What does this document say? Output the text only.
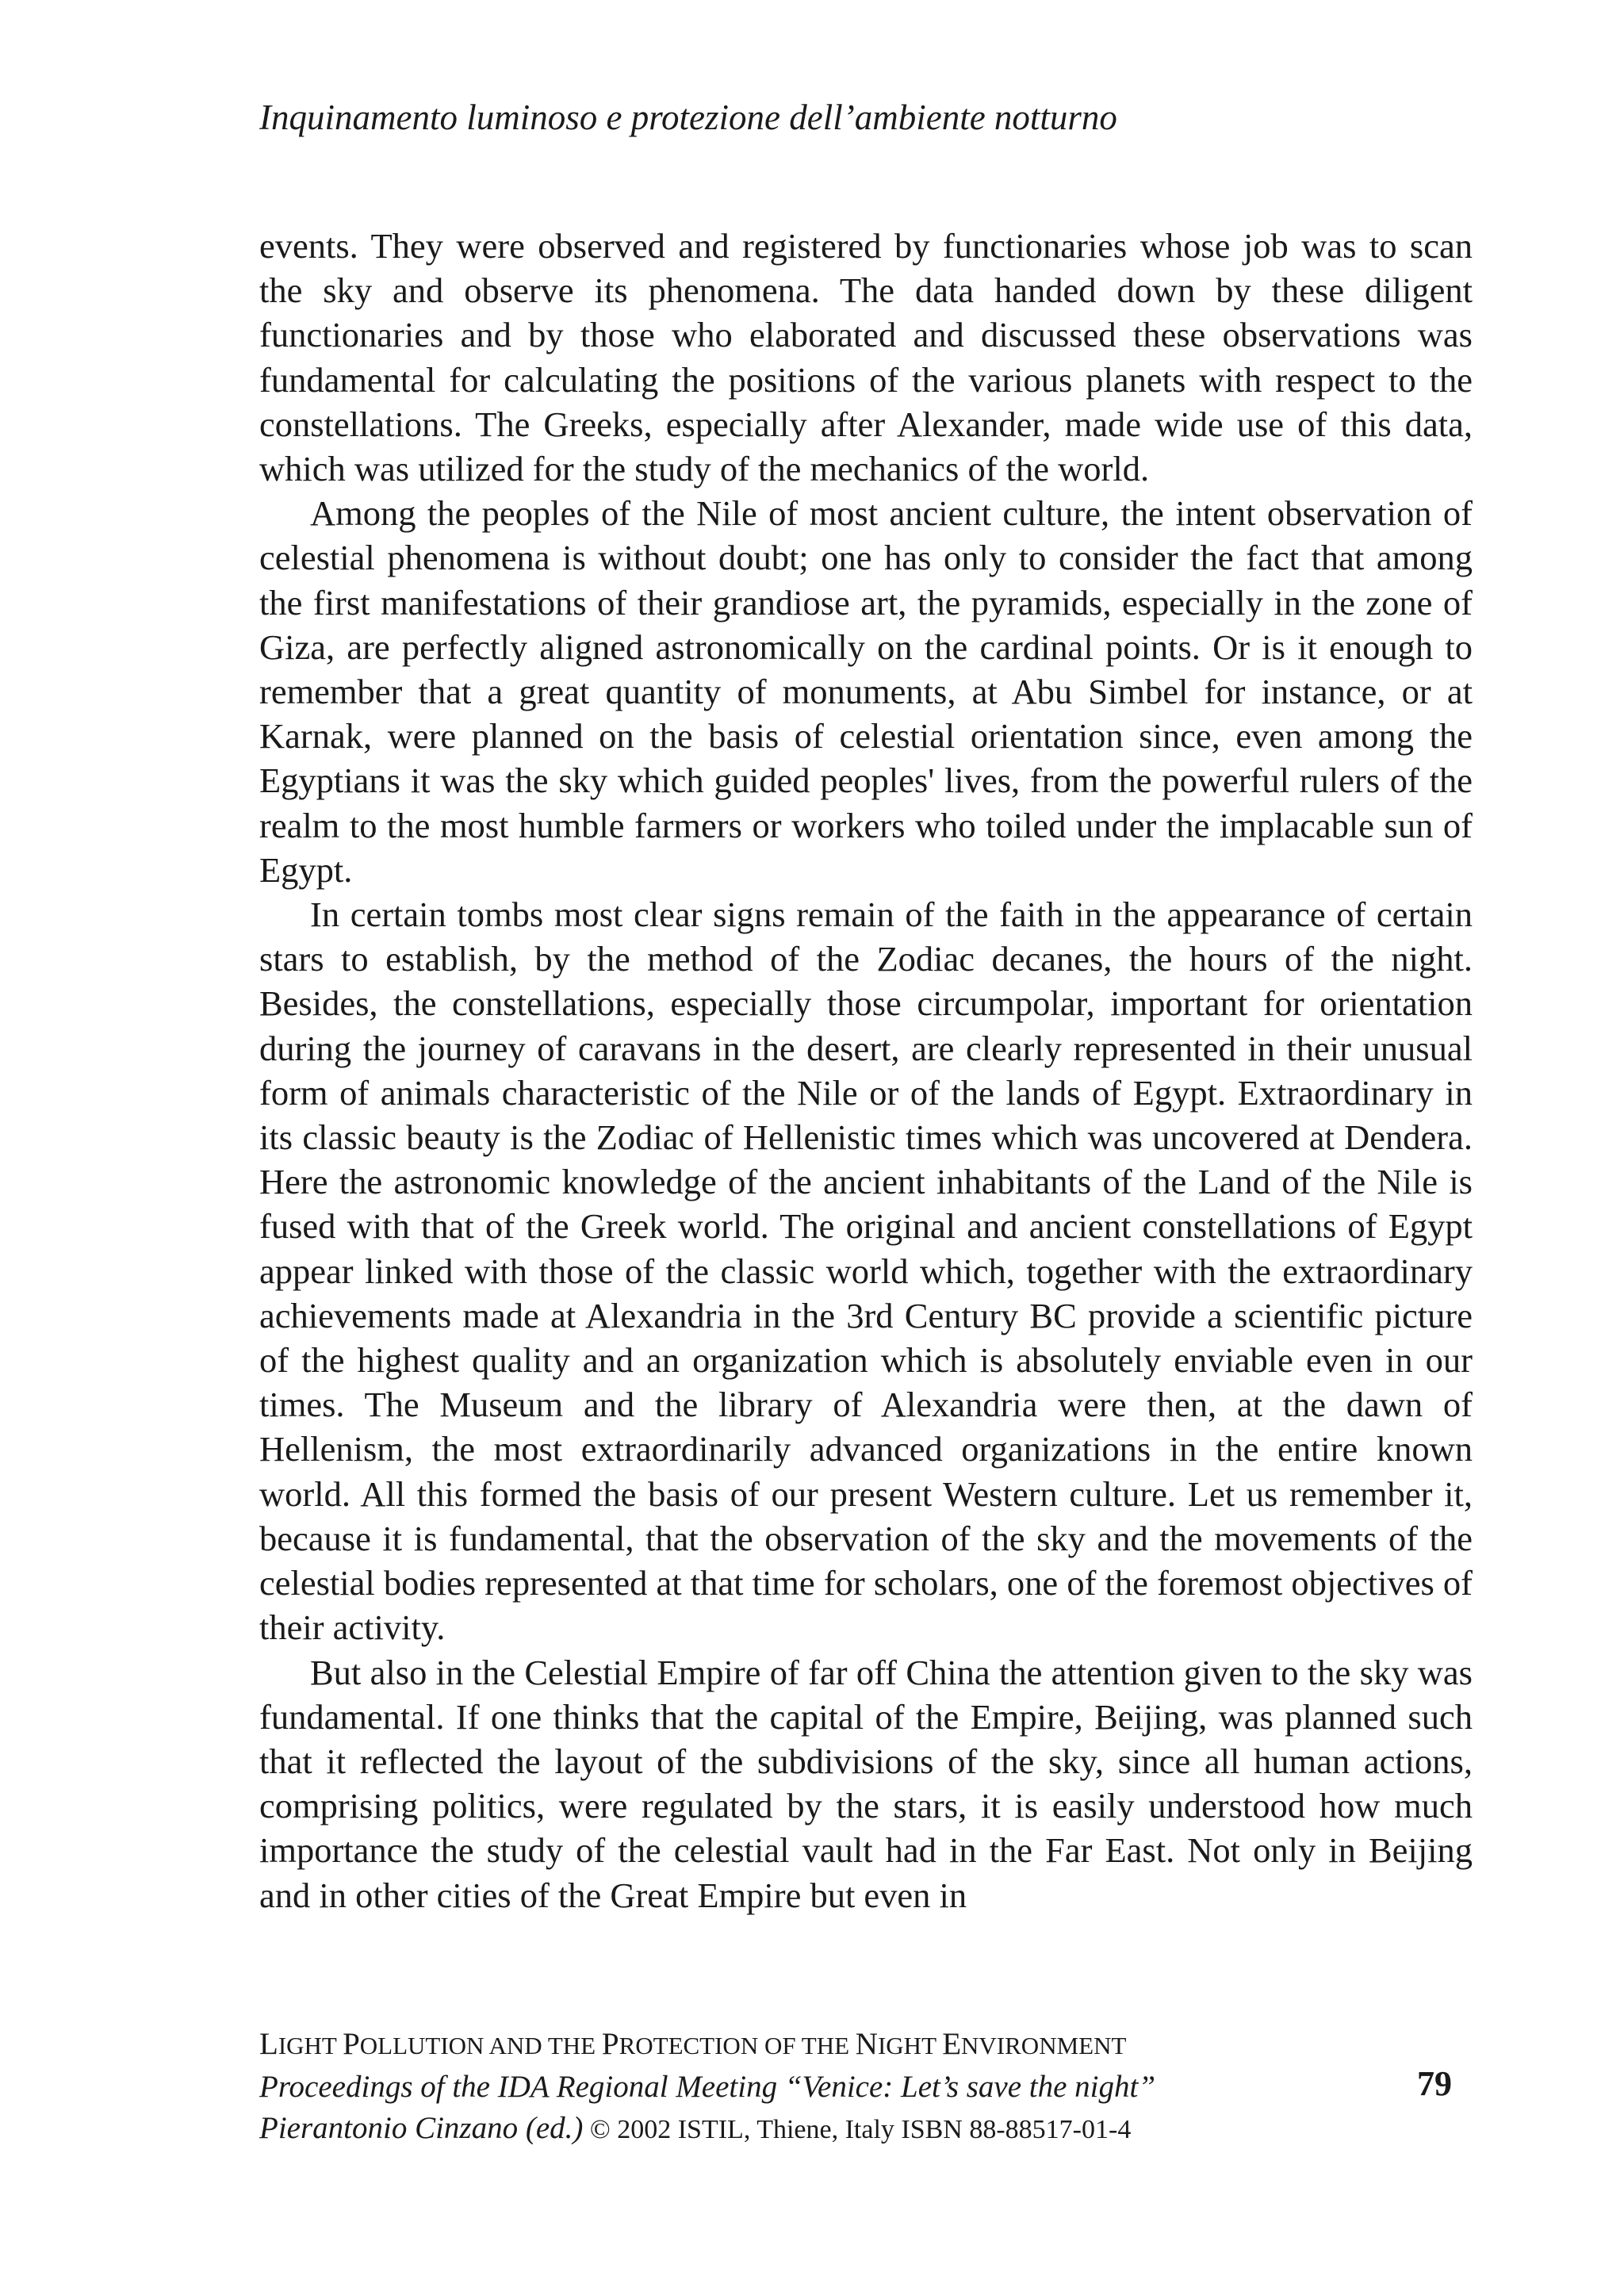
Inquinamento luminoso e protezione dell’ambiente notturno

events. They were observed and registered by functionaries whose job was to scan the sky and observe its phenomena. The data handed down by these diligent functionaries and by those who elaborated and discussed these observations was fundamental for calculating the positions of the various planets with respect to the constellations. The Greeks, especially after Alexander, made wide use of this data, which was utilized for the study of the mechanics of the world.

Among the peoples of the Nile of most ancient culture, the intent observation of celestial phenomena is without doubt; one has only to consider the fact that among the first manifestations of their grandiose art, the pyramids, especially in the zone of Giza, are perfectly aligned astronomically on the cardinal points. Or is it enough to remember that a great quantity of monuments, at Abu Simbel for instance, or at Karnak, were planned on the basis of celestial orientation since, even among the Egyptians it was the sky which guided peoples' lives, from the powerful rulers of the realm to the most humble farmers or workers who toiled under the implacable sun of Egypt.

In certain tombs most clear signs remain of the faith in the appearance of certain stars to establish, by the method of the Zodiac decanes, the hours of the night. Besides, the constellations, especially those circumpolar, important for orientation during the journey of caravans in the desert, are clearly represented in their unusual form of animals characteristic of the Nile or of the lands of Egypt. Extraordinary in its classic beauty is the Zodiac of Hellenistic times which was uncovered at Dendera. Here the astronomic knowledge of the ancient inhabitants of the Land of the Nile is fused with that of the Greek world. The original and ancient constellations of Egypt appear linked with those of the classic world which, together with the extraordinary achievements made at Alexandria in the 3rd Century BC provide a scientific picture of the highest quality and an organization which is absolutely enviable even in our times. The Museum and the library of Alexandria were then, at the dawn of Hellenism, the most extraordinarily advanced organizations in the entire known world. All this formed the basis of our present Western culture. Let us remember it, because it is fundamental, that the observation of the sky and the movements of the celestial bodies represented at that time for scholars, one of the foremost objectives of their activity.

But also in the Celestial Empire of far off China the attention given to the sky was fundamental. If one thinks that the capital of the Empire, Beijing, was planned such that it reflected the layout of the subdivisions of the sky, since all human actions, comprising politics, were regulated by the stars, it is easily understood how much importance the study of the celestial vault had in the Far East. Not only in Beijing and in other cities of the Great Empire but even in

LIGHT POLLUTION AND THE PROTECTION OF THE NIGHT ENVIRONMENT
Proceedings of the IDA Regional Meeting “Venice: Let’s save the night”
Pierantonio Cinzano (ed.) © 2002 ISTIL, Thiene, Italy ISBN 88-88517-01-4
79
